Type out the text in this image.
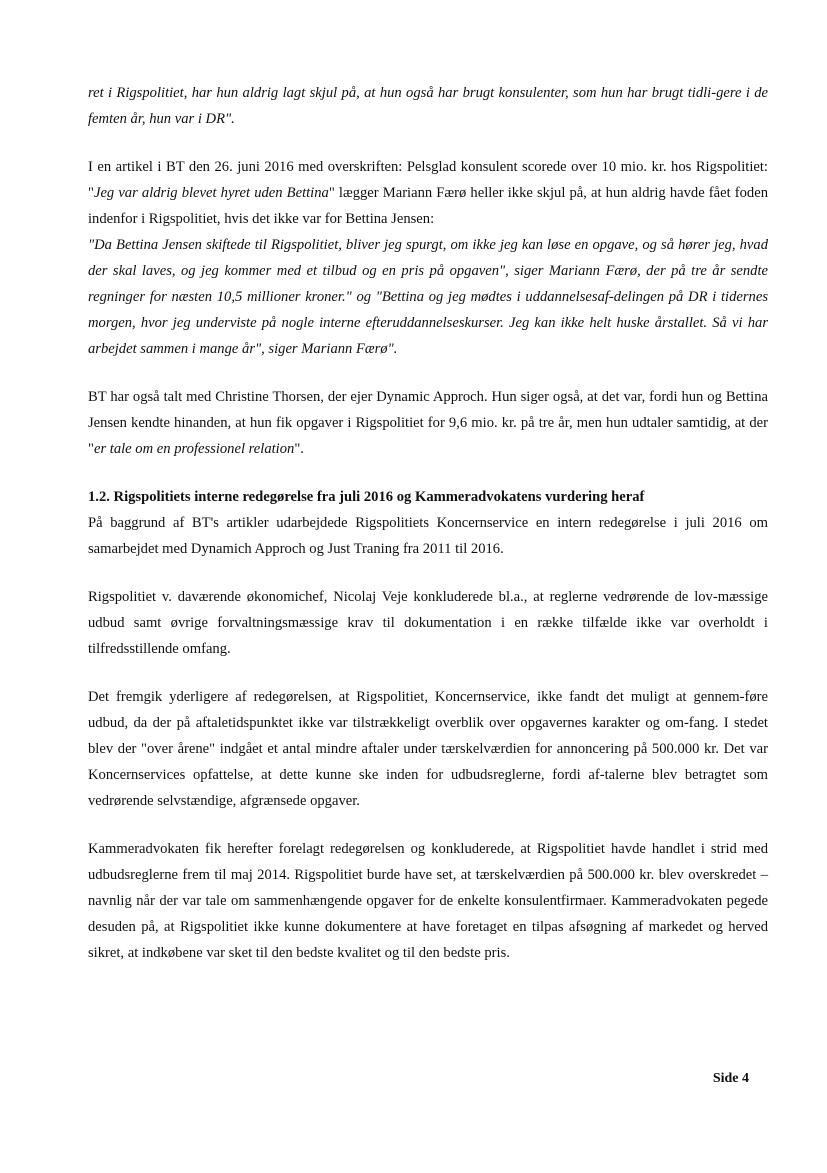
ret i Rigspolitiet, har hun aldrig lagt skjul på, at hun også har brugt konsulenter, som hun har brugt tidli-gere i de femten år, hun var i DR".

I en artikel i BT den 26. juni 2016 med overskriften: Pelsglad konsulent scorede over 10 mio. kr. hos Rigspolitiet: "Jeg var aldrig blevet hyret uden Bettina" lægger Mariann Færø heller ikke skjul på, at hun aldrig havde fået foden indenfor i Rigspolitiet, hvis det ikke var for Bettina Jensen:

"Da Bettina Jensen skiftede til Rigspolitiet, bliver jeg spurgt, om ikke jeg kan løse en opgave, og så hører jeg, hvad der skal laves, og jeg kommer med et tilbud og en pris på opgaven", siger Mariann Færø, der på tre år sendte regninger for næsten 10,5 millioner kroner." og "Bettina og jeg mødtes i uddannelsesaf-delingen på DR i tidernes morgen, hvor jeg underviste på nogle interne efteruddannelseskurser. Jeg kan ikke helt huske årstallet. Så vi har arbejdet sammen i mange år", siger Mariann Færø".

BT har også talt med Christine Thorsen, der ejer Dynamic Approch. Hun siger også, at det var, fordi hun og Bettina Jensen kendte hinanden, at hun fik opgaver i Rigspolitiet for 9,6 mio. kr. på tre år, men hun udtaler samtidig, at der "er tale om en professionel relation".

1.2. Rigspolitiets interne redegørelse fra juli 2016 og Kammeradvokatens vurdering heraf
På baggrund af BT's artikler udarbejdede Rigspolitiets Koncernservice en intern redegørelse i juli 2016 om samarbejdet med Dynamich Approch og Just Traning fra 2011 til 2016.

Rigspolitiet v. daværende økonomichef, Nicolaj Veje konkluderede bl.a., at reglerne vedrørende de lov-mæssige udbud samt øvrige forvaltningsmæssige krav til dokumentation i en række tilfælde ikke var overholdt i tilfredsstillende omfang.

Det fremgik yderligere af redegørelsen, at Rigspolitiet, Koncernservice, ikke fandt det muligt at gennem-føre udbud, da der på aftaletidspunktet ikke var tilstrækkeligt overblik over opgavernes karakter og om-fang. I stedet blev der "over årene" indgået et antal mindre aftaler under tærskelværdien for annoncering på 500.000 kr. Det var Koncernservices opfattelse, at dette kunne ske inden for udbudsreglerne, fordi af-talerne blev betragtet som vedrørende selvstændige, afgrænsede opgaver.

Kammeradvokaten fik herefter forelagt redegørelsen og konkluderede, at Rigspolitiet havde handlet i strid med udbudsreglerne frem til maj 2014. Rigspolitiet burde have set, at tærskelværdien på 500.000 kr. blev overskredet – navnlig når der var tale om sammenhængende opgaver for de enkelte konsulentfirmaer. Kammeradvokaten pegede desuden på, at Rigspolitiet ikke kunne dokumentere at have foretaget en tilpas afsøgning af markedet og herved sikret, at indkøbene var sket til den bedste kvalitet og til den bedste pris.

Side 4
